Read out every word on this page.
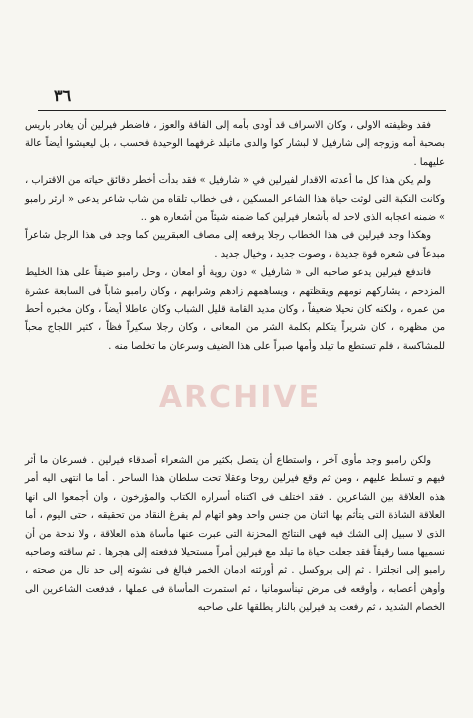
٣٦

فقد وظيفته الاولى ، وكان الاسراف قد أودى بأمه إلى الفاقة والعوز ، فاضطر فيرلين أن يغادر باريس بصحبة أمه وزوجه إلى شارفيل لا لبشار كوا والدى ماتيلد غرفهما الوحيدة فحسب ، بل ليعيشوا أيضاً عالة عليهما .

ولم يكن هذا كل ما أعدته الاقدار لفيرلين في « شارفيل » فقد بدأت أخطر دقائق حياته من الاقتراب ، وكانت النكبة التى لوثت حياة هذا الشاعر المسكين ، فى خطاب تلقاه من شاب شاعر يدعى « ارثر رامبو » ضمنه اعجابه الذى لاحد له بأشعار فيرلين كما ضمنه شيئاً من أشعاره هو ..

وهكذا وجد فيرلين فى هذا الخطاب رجلا يرفعه إلى مصاف العبقريين كما وجد فى هذا الرجل شاعراً مبدعاً فى شعره قوة جديدة ، وصوت جديد ، وخيال جديد .

فاندفع فيرلين يدعو صاحبه الى « شارفيل » دون روية أو امعان ، وحل رامبو ضيفاً على هذا الخليط المزدحم ، يشاركهم نومهم ويقظتهم ، ويساهمهم زادهم وشرابهم ، وكان رامبو شاباً فى السابعة عشرة من عمره ، ولكنه كان نحيلا ضعيفاً ، وكان مديد القامة قليل الشباب وكان عاطلا أيضاً ، وكان مخبره أحط من مظهره ، كان شريراً يتكلم بكلمة الشر من المعانى ، وكان رجلا سكيراً فظاً ، كثير اللجاج محباً للمشاكسة ، فلم تستطع ما تيلد وأمها صبراً على هذا الضيف وسرعان ما تخلصا منه .

ولكن رامبو وجد مأوى آخر ، واستطاع أن يتصل بكثير من الشعراء أصدقاء فيرلين . فسرعان ما أثر فيهم و تسلط عليهم ، ومن ثم وقع فيرلين روحا وعقلا تحت سلطان هذا الساحر . أما ما انتهى اليه أمر هذه العلاقة بين الشاعرين . فقد اختلف فى اكتناه أسراره الكتاب والمؤرخون ، وان أجمعوا الى انها العلاقة الشاذة التى يتأثم بها اثنان من جنس واحد وهو اتهام لم يفرغ النقاد من تحقيقه ، حتى اليوم ، أما الذى لا سبيل إلى الشك فيه فهى النتائج المحزنة التى عبرت عنها مأساة هذه العلاقة ، ولا ندحة من أن نسميها مسا رقيقاً فقد جعلت حياة ما تيلد مع فيرلين أمراً مستحيلا فدفعته إلى هجرها . ثم ساقته وصاحبه رامبو إلى انجلترا . ثم إلى بروكسل . ثم أورثته ادمان الخمر فبالغ فى نشوته إلى حد نال من صحته ، وأوهن أعصابه ، وأوقعه فى مرض تينأسومانيا ، ثم استمرت المأساة فى عملها ، فدفعت الشاعرين الى الخصام الشديد ، ثم رفعت يد فيرلين بالنار يطلقها على صاحبه

ARCHIVE
